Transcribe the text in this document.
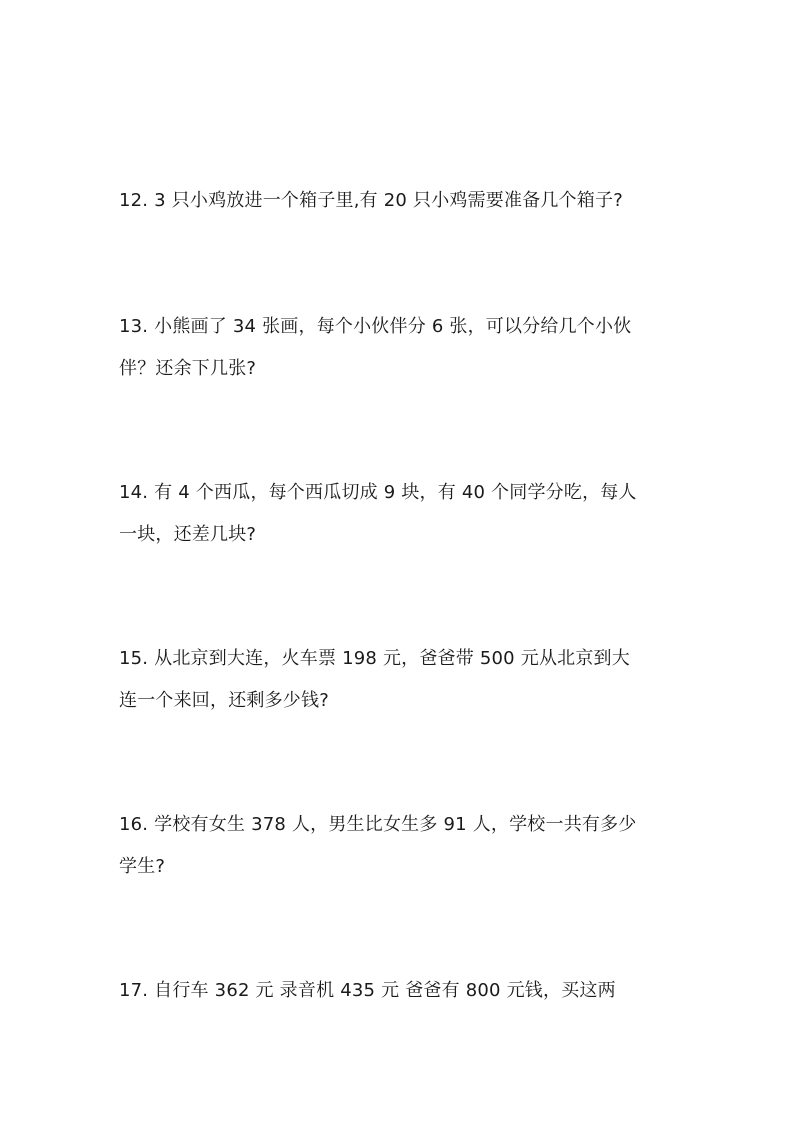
12. 3 只小鸡放进一个箱子里,有 20 只小鸡需要准备几个箱子?
13. 小熊画了 34 张画，每个小伙伴分 6 张，可以分给几个小伙
伴？还余下几张?
14. 有 4 个西瓜，每个西瓜切成 9 块，有 40 个同学分吃，每人
一块，还差几块?
15. 从北京到大连，火车票 198 元，爸爸带 500 元从北京到大
连一个来回，还剩多少钱?
16. 学校有女生 378 人，男生比女生多 91 人，学校一共有多少
学生?
17. 自行车 362 元 录音机 435 元 爸爸有 800 元钱，买这两
